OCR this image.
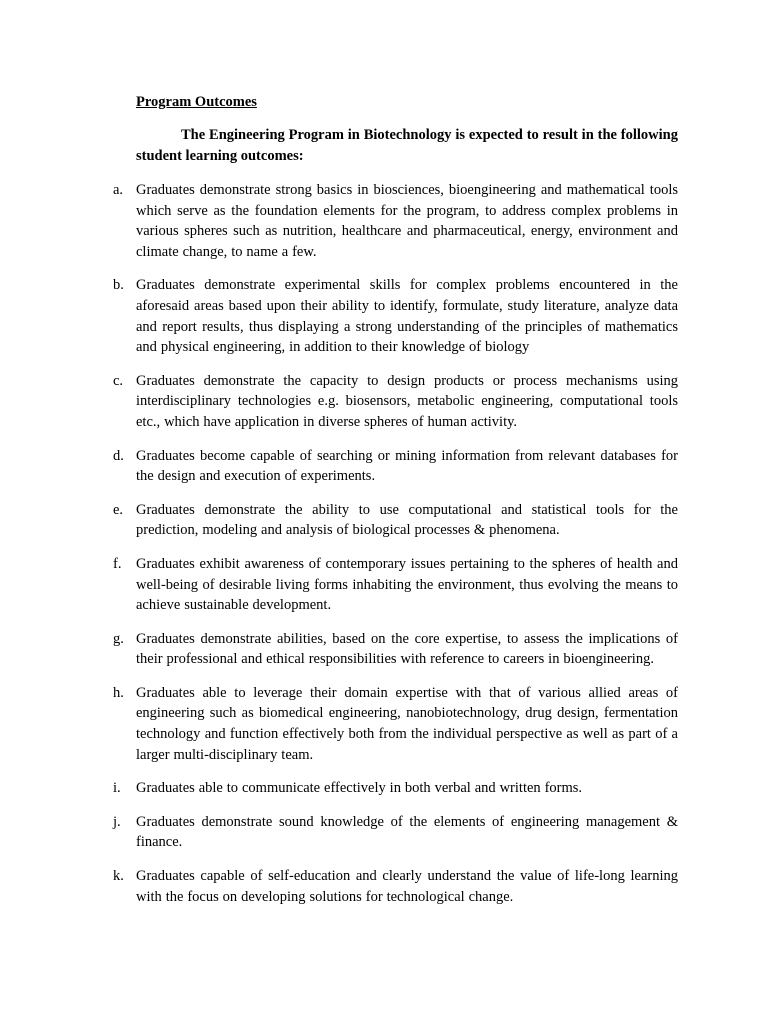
Program Outcomes

The Engineering Program in Biotechnology is expected to result in the following student learning outcomes:

a. Graduates demonstrate strong basics in biosciences, bioengineering and mathematical tools which serve as the foundation elements for the program, to address complex problems in various spheres such as nutrition, healthcare and pharmaceutical, energy, environment and climate change, to name a few.
b. Graduates demonstrate experimental skills for complex problems encountered in the aforesaid areas based upon their ability to identify, formulate, study literature, analyze data and report results, thus displaying a strong understanding of the principles of mathematics and physical engineering, in addition to their knowledge of biology
c. Graduates demonstrate the capacity to design products or process mechanisms using interdisciplinary technologies e.g. biosensors, metabolic engineering, computational tools etc., which have application in diverse spheres of human activity.
d. Graduates become capable of searching or mining information from relevant databases for the design and execution of experiments.
e. Graduates demonstrate the ability to use computational and statistical tools for the prediction, modeling and analysis of biological processes & phenomena.
f. Graduates exhibit awareness of contemporary issues pertaining to the spheres of health and well-being of desirable living forms inhabiting the environment, thus evolving the means to achieve sustainable development.
g. Graduates demonstrate abilities, based on the core expertise, to assess the implications of their professional and ethical responsibilities with reference to careers in bioengineering.
h. Graduates able to leverage their domain expertise with that of various allied areas of engineering such as biomedical engineering, nanobiotechnology, drug design, fermentation technology and function effectively both from the individual perspective as well as part of a larger multi-disciplinary team.
i. Graduates able to communicate effectively in both verbal and written forms.
j. Graduates demonstrate sound knowledge of the elements of engineering management & finance.
k. Graduates capable of self-education and clearly understand the value of life-long learning with the focus on developing solutions for technological change.
